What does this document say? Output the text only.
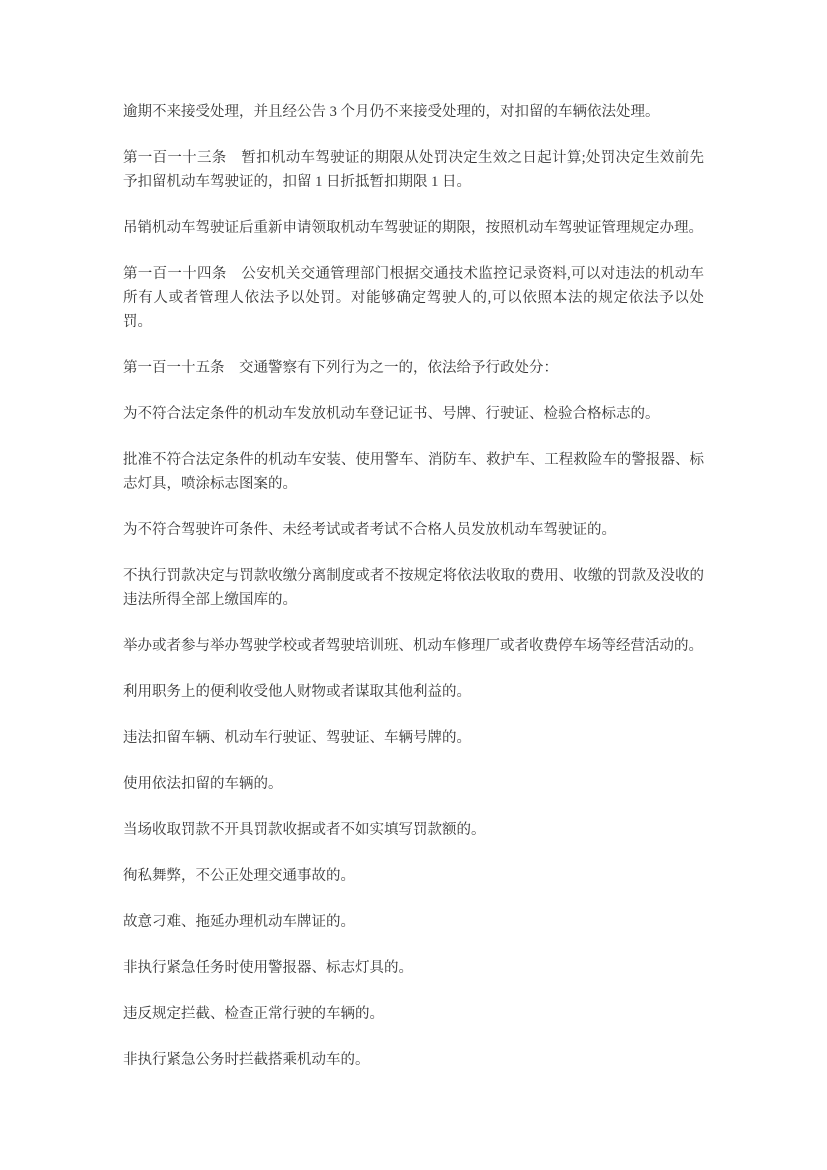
逾期不来接受处理，并且经公告 3 个月仍不来接受处理的，对扣留的车辆依法处理。

第一百一十三条　暂扣机动车驾驶证的期限从处罚决定生效之日起计算;处罚决定生效前先予扣留机动车驾驶证的，扣留 1 日折抵暂扣期限 1 日。

吊销机动车驾驶证后重新申请领取机动车驾驶证的期限，按照机动车驾驶证管理规定办理。

第一百一十四条　公安机关交通管理部门根据交通技术监控记录资料,可以对违法的机动车所有人或者管理人依法予以处罚。对能够确定驾驶人的,可以依照本法的规定依法予以处罚。

第一百一十五条　交通警察有下列行为之一的，依法给予行政处分：

为不符合法定条件的机动车发放机动车登记证书、号牌、行驶证、检验合格标志的。

批准不符合法定条件的机动车安装、使用警车、消防车、救护车、工程救险车的警报器、标志灯具，喷涂标志图案的。

为不符合驾驶许可条件、未经考试或者考试不合格人员发放机动车驾驶证的。

不执行罚款决定与罚款收缴分离制度或者不按规定将依法收取的费用、收缴的罚款及没收的违法所得全部上缴国库的。

举办或者参与举办驾驶学校或者驾驶培训班、机动车修理厂或者收费停车场等经营活动的。

利用职务上的便利收受他人财物或者谋取其他利益的。

违法扣留车辆、机动车行驶证、驾驶证、车辆号牌的。

使用依法扣留的车辆的。

当场收取罚款不开具罚款收据或者不如实填写罚款额的。

徇私舞弊，不公正处理交通事故的。

故意刁难、拖延办理机动车牌证的。

非执行紧急任务时使用警报器、标志灯具的。

违反规定拦截、检查正常行驶的车辆的。

非执行紧急公务时拦截搭乘机动车的。
